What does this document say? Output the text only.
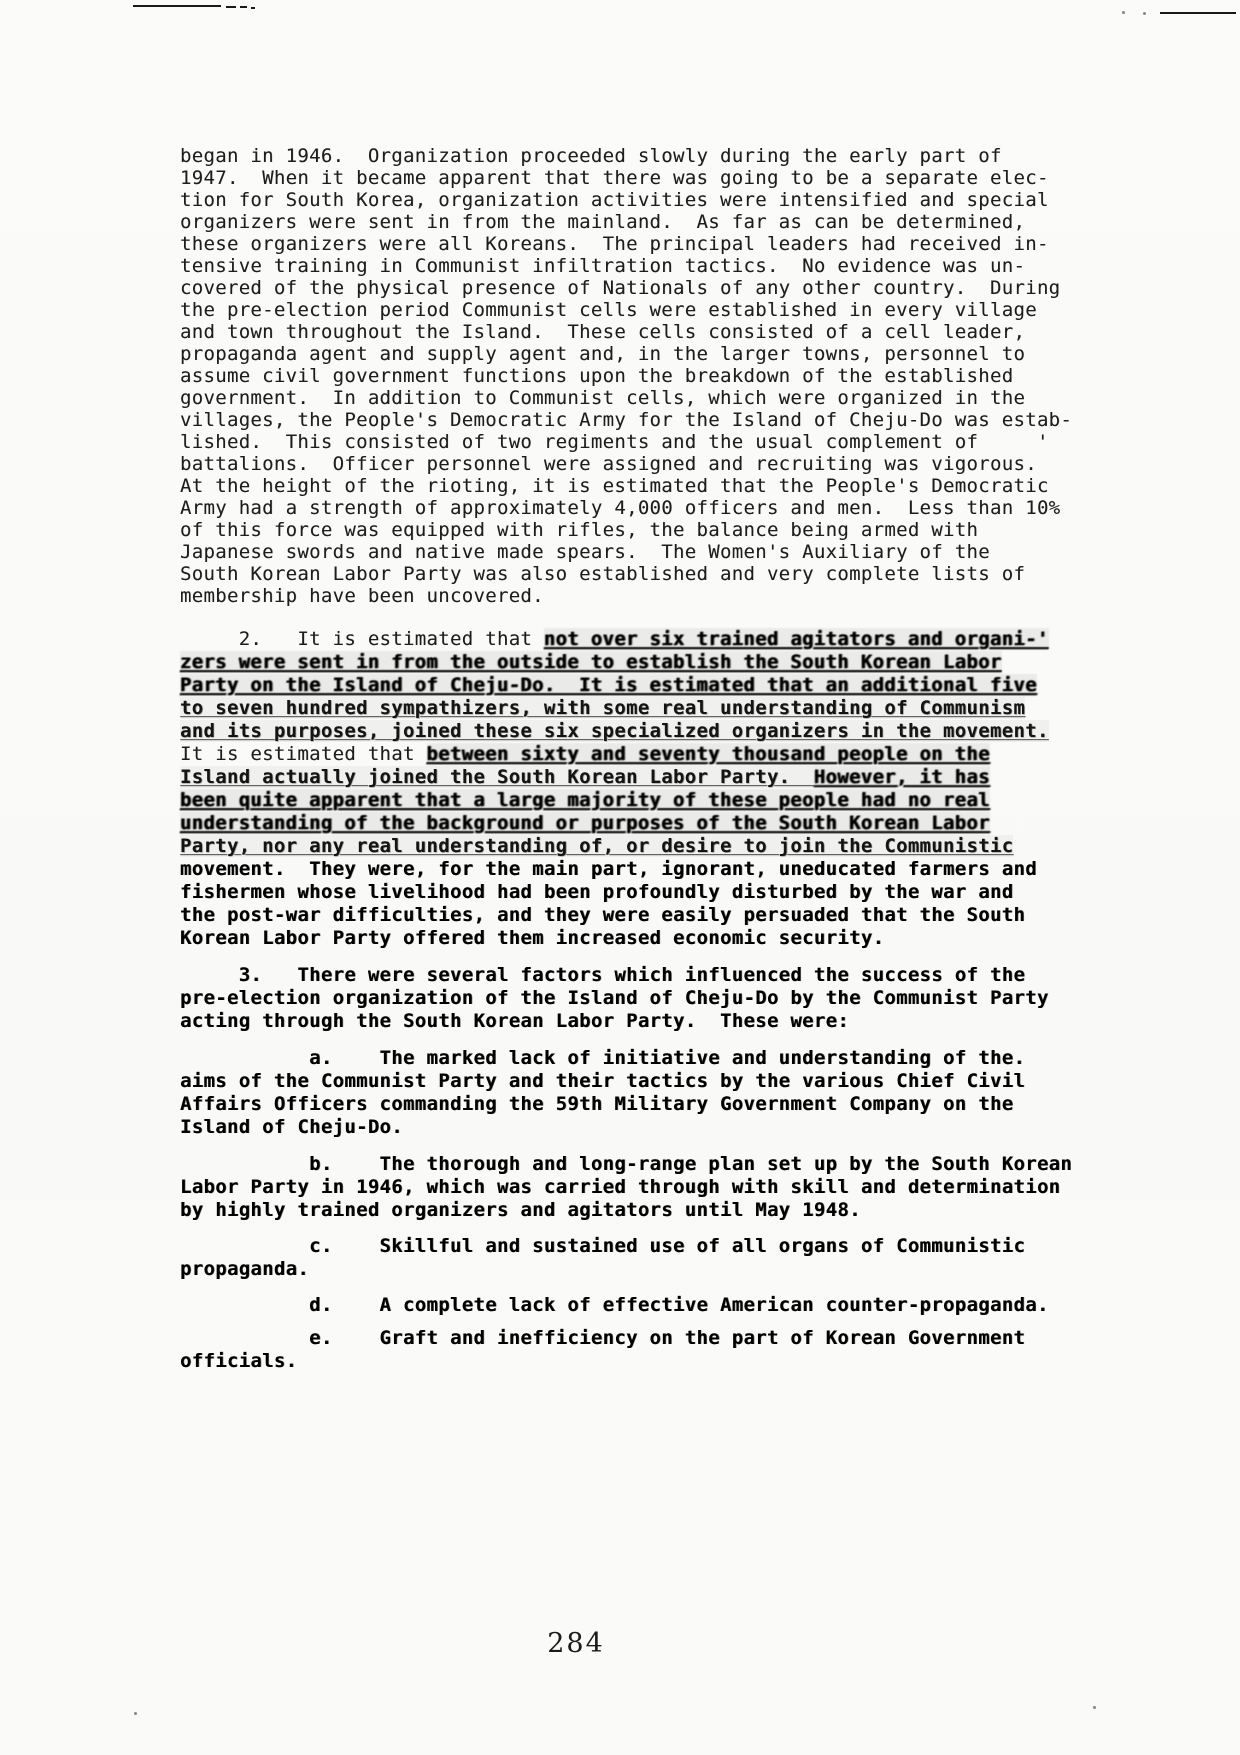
began in 1946.  Organization proceeded slowly during the early part of
1947.  When it became apparent that there was going to be a separate elec-
tion for South Korea, organization activities were intensified and special
organizers were sent in from the mainland.  As far as can be determined,
these organizers were all Koreans.  The principal leaders had received in-
tensive training in Communist infiltration tactics.  No evidence was un-
covered of the physical presence of Nationals of any other country.  During
the pre-election period Communist cells were established in every village
and town throughout the Island.  These cells consisted of a cell leader,
propaganda agent and supply agent and, in the larger towns, personnel to
assume civil government functions upon the breakdown of the established
government.  In addition to Communist cells, which were organized in the
villages, the People's Democratic Army for the Island of Cheju-Do was estab-
lished.  This consisted of two regiments and the usual complement of     '
battalions.  Officer personnel were assigned and recruiting was vigorous.
At the height of the rioting, it is estimated that the People's Democratic
Army had a strength of approximately 4,000 officers and men.  Less than 10%
of this force was equipped with rifles, the balance being armed with
Japanese swords and native made spears.  The Women's Auxiliary of the
South Korean Labor Party was also established and very complete lists of
membership have been uncovered.
2.   It is estimated that not over six trained agitators and organi-'
zers were sent in from the outside to establish the South Korean Labor
Party on the Island of Cheju-Do.  It is estimated that an additional five
to seven hundred sympathizers, with some real understanding of Communism
and its purposes, joined these six specialized organizers in the movement.
It is estimated that between sixty and seventy thousand people on the
Island actually joined the South Korean Labor Party.  However, it has
been quite apparent that a large majority of these people had no real
understanding of the background or purposes of the South Korean Labor
Party, nor any real understanding of, or desire to join the Communistic
movement.  They were, for the main part, ignorant, uneducated farmers and
fishermen whose livelihood had been profoundly disturbed by the war and
the post-war difficulties, and they were easily persuaded that the South
Korean Labor Party offered them increased economic security.
3.   There were several factors which influenced the success of the
pre-election organization of the Island of Cheju-Do by the Communist Party
acting through the South Korean Labor Party.  These were:
a.    The marked lack of initiative and understanding of the.
aims of the Communist Party and their tactics by the various Chief Civil
Affairs Officers commanding the 59th Military Government Company on the
Island of Cheju-Do.
b.    The thorough and long-range plan set up by the South Korean
Labor Party in 1946, which was carried through with skill and determination
by highly trained organizers and agitators until May 1948.
c.    Skillful and sustained use of all organs of Communistic
propaganda.
d.    A complete lack of effective American counter-propaganda.
e.    Graft and inefficiency on the part of Korean Government
officials.
284
